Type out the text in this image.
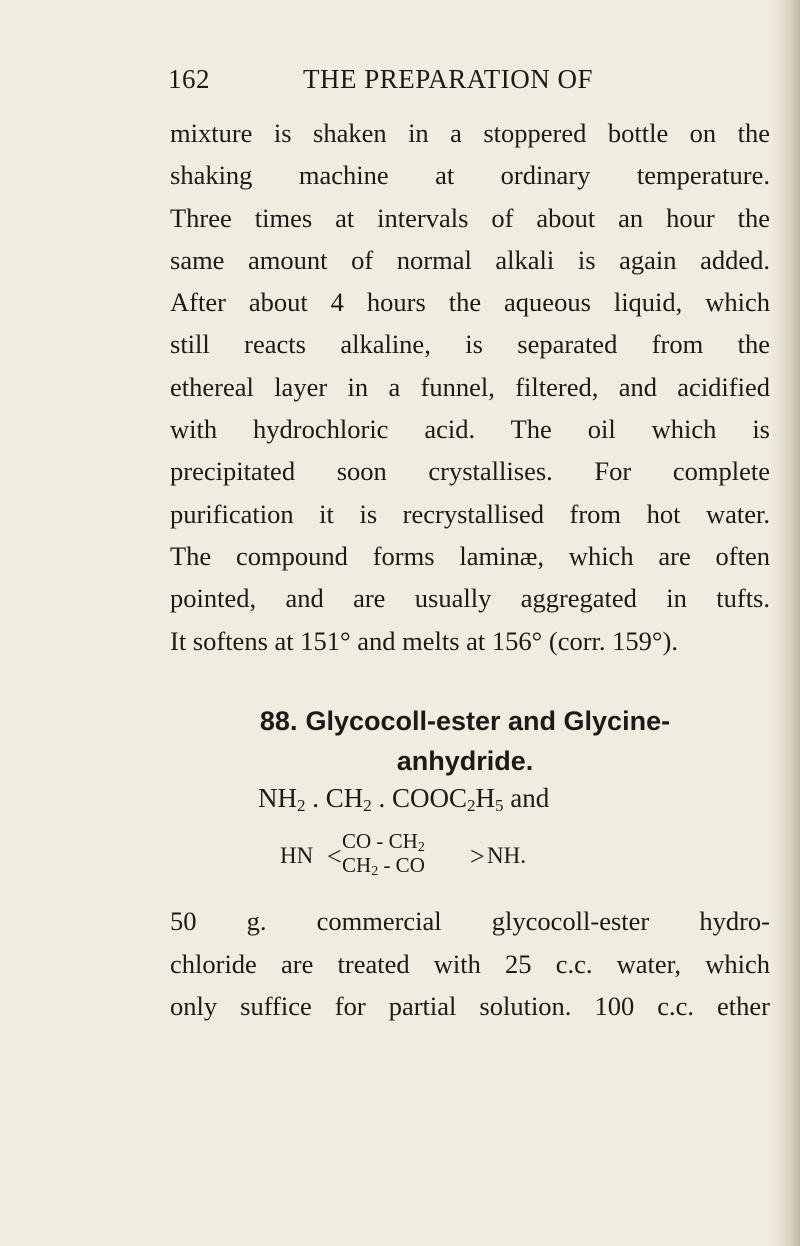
162	THE PREPARATION OF
mixture is shaken in a stoppered bottle on the
shaking machine at ordinary temperature.
Three times at intervals of about an hour the
same amount of normal alkali is again added.
After about 4 hours the aqueous liquid, which
still reacts alkaline, is separated from the
ethereal layer in a funnel, filtered, and acidified
with hydrochloric acid. The oil which is
precipitated soon crystallises. For complete
purification it is recrystallised from hot water.
The compound forms laminæ, which are often
pointed, and are usually aggregated in tufts.
It softens at 151° and melts at 156° (corr. 159°).
88. Glycocoll-ester and Glycine-
anhydride.
$NH_2$ . $CH_2$ . $COOC_2H_5$ and
HN <
CO - $CH_2$
$CH_2$ - CO > NH.
50 g. commercial glycocoll-ester hydro-
chloride are treated with 25 c.c. water, which
only suffice for partial solution. 100 c.c. ether
